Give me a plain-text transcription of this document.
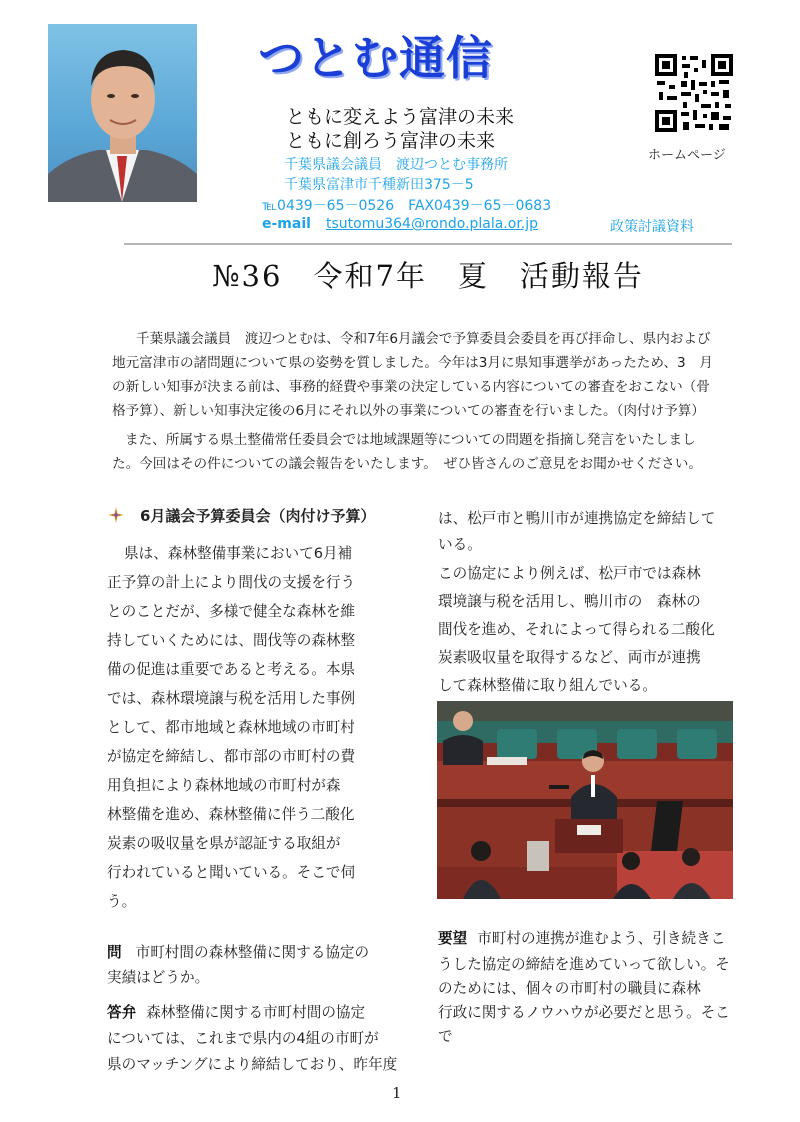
つとむ通信
ともに変えよう富津の未来
ともに創ろう富津の未来
千葉県議会議員　渡辺つとむ事務所
千葉県富津市千種新田375－5
℡0439－65－0526　FAX0439－65－0683
e-mail tsutomu364@rondo.plala.or.jp	政策討議資料
ホームページ
№36　令和7年　夏　活動報告
千葉県議会議員　渡辺つとむは、令和7年6月議会で予算委員会委員を再び拝命し、県内および
地元富津市の諸問題について県の姿勢を質しました。今年は3月に県知事選挙があったため、3　月
の新しい知事が決まる前は、事務的経費や事業の決定している内容についての審査をおこない（骨
格予算）、新しい知事決定後の6月にそれ以外の事業についての審査を行いました。（肉付け予算）
また、所属する県土整備常任委員会では地域課題等についての問題を指摘し発言をいたしまし
た。今回はその件についての議会報告をいたします。　ぜひ皆さんのご意見をお聞かせください。
6月議会予算委員会（肉付け予算）
県は、森林整備事業において6月補
正予算の計上により間伐の支援を行う
とのことだが、多様で健全な森林を維
持していくためには、間伐等の森林整
備の促進は重要であると考える。本県
では、森林環境譲与税を活用した事例
として、都市地域と森林地域の市町村
が協定を締結し、都市部の市町村の費
用負担により森林地域の市町村が森
林整備を進め、森林整備に伴う二酸化
炭素の吸収量を県が認証する取組が
行われていると聞いている。そこで伺
う。
問 市町村間の森林整備に関する協定の
実績はどうか。
答弁 森林整備に関する市町村間の協定
については、これまで県内の4組の市町が
県のマッチングにより締結しており、昨年度
は、松戸市と鴨川市が連携協定を締結して
いる。
この協定により例えば、松戸市では森林
環境譲与税を活用し、鴨川市の　森林の
間伐を進め、それによって得られる二酸化
炭素吸収量を取得するなど、両市が連携
して森林整備に取り組んでいる。
要望 市町村の連携が進むよう、引き続きこ
うした協定の締結を進めていって欲しい。そ
のためには、個々の市町村の職員に森林
行政に関するノウハウが必要だと思う。そこ
で
1
